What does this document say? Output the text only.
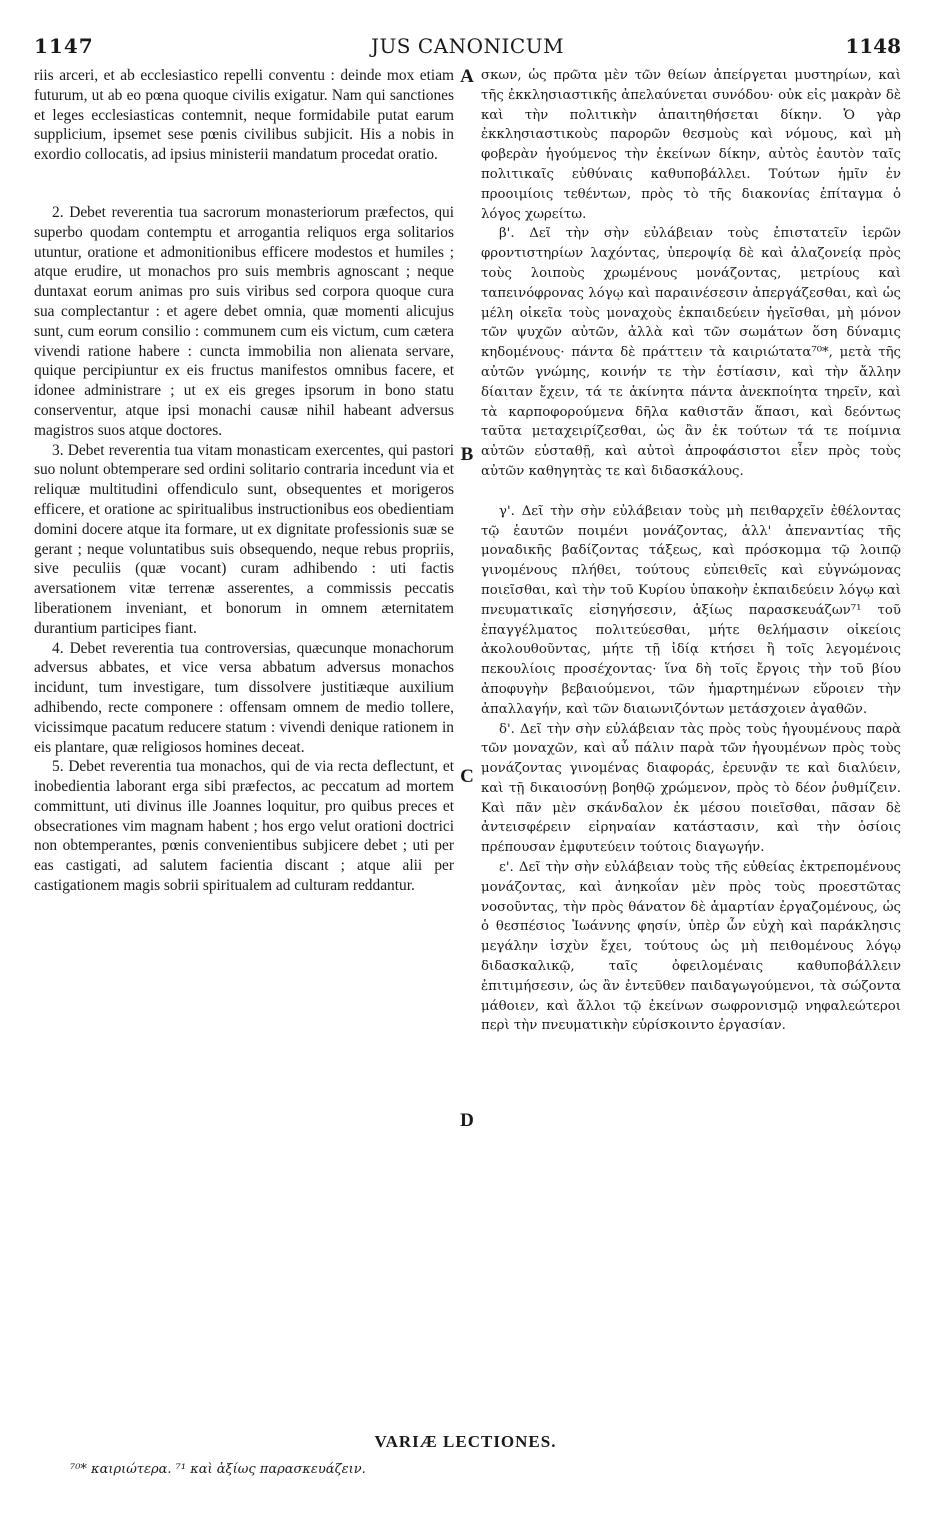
1147	JUS CANONICUM	1148

riis arceri, et ab ecclesiastico repelli conventu : deinde mox etiam futurum, ut ab eo pœna quoque civilis exigatur. Nam qui sanctiones et leges ecclesiasticas contemnit, neque formidabile putat earum supplicium, ipsemet sese pœnis civilibus subjicit. His a nobis in exordio collocatis, ad ipsius ministerii mandatum procedat oratio.

2. Debet reverentia tua sacrorum monasteriorum præfectos, qui superbo quodam contemptu et arrogantia reliquos erga solitarios utuntur, oratione et admonitionibus efficere modestos et humiles ; atque erudire, ut monachos pro suis membris agnoscant ; neque duntaxat eorum animas pro suis viribus sed corpora quoque cura sua complectantur : et agere debet omnia, quæ momenti alicujus sunt, cum eorum consilio : communem cum eis victum, cum cætera vivendi ratione habere : cuncta immobilia non alienata servare, quique percipiuntur ex eis fructus manifestos omnibus facere, et idonee administrare ; ut ex eis greges ipsorum in bono statu conserventur, atque ipsi monachi causæ nihil habeant adversus magistros suos atque doctores.

3. Debet reverentia tua vitam monasticam exercentes, qui pastori suo nolunt obtemperare sed ordini solitario contraria incedunt via et reliquæ multitudini offendiculo sunt, obsequentes et morigeros efficere, et oratione ac spiritualibus instructionibus eos obedientiam domini docere atque ita formare, ut ex dignitate professionis suæ se gerant ; neque voluntatibus suis obsequendo, neque rebus propriis, sive peculiis (quæ vocant) curam adhibendo : uti factis aversationem vitæ terrenæ asserentes, a commissis peccatis liberationem inveniant, et bonorum in omnem æternitatem durantium participes fiant.

4. Debet reverentia tua controversias, quæcunque monachorum adversus abbates, et vice versa abbatum adversus monachos incidunt, tum investigare, tum dissolvere justitiæque auxilium adhibendo, recte componere : offensam omnem de medio tollere, vicissimque pacatum reducere statum : vivendi denique rationem in eis plantare, quæ religiosos homines deceat.

5. Debet reverentia tua monachos, qui de via recta deflectunt, et inobedientia laborant erga sibi præfectos, ac peccatum ad mortem committunt, uti divinus ille Joannes loquitur, pro quibus preces et obsecrationes vim magnam habent ; hos ergo velut orationi doctrici non obtemperantes, pœnis convenientibus subjicere debet ; uti per eas castigati, ad salutem facientia discant ; atque alii per castigationem magis sobrii spiritualem ad culturam reddantur.

A
B
C
D

σκων, ὡς πρῶτα μὲν τῶν θείων ἀπείργεται μυστηρίων, καὶ τῆς ἐκκλησιαστικῆς ἀπελαύνεται συνόδου· οὐκ εἰς μακρὰν δὲ καὶ τὴν πολιτικὴν ἀπαιτηθήσεται δίκην. Ὁ γὰρ ἐκκλησιαστικοὺς παρορῶν θεσμοὺς καὶ νόμους, καὶ μὴ φοβερὰν ἡγούμενος τὴν ἐκείνων δίκην, αὐτὸς ἑαυτὸν ταῖς πολιτικαῖς εὐθύναις καθυποβάλλει. Τούτων ἡμῖν ἐν προοιμίοις τεθέντων, πρὸς τὸ τῆς διακονίας ἐπίταγμα ὁ λόγος χωρείτω.

β'. Δεῖ τὴν σὴν εὐλάβειαν τοὺς ἐπιστατεῖν ἱερῶν φροντιστηρίων λαχόντας, ὑπεροψίᾳ δὲ καὶ ἀλαζονείᾳ πρὸς τοὺς λοιποὺς χρωμένους μονάζοντας, μετρίους καὶ ταπεινόφρονας λόγῳ καὶ παραινέσεσιν ἀπεργάζεσθαι, καὶ ὡς μέλη οἰκεῖα τοὺς μοναχοὺς ἐκπαιδεύειν ἡγεῖσθαι, μὴ μόνον τῶν ψυχῶν αὐτῶν, ἀλλὰ καὶ τῶν σωμάτων ὅση δύναμις κηδομένους· πάντα δὲ πράττειν τὰ καιριώτατα⁷⁰*, μετὰ τῆς αὐτῶν γνώμης, κοινήν τε τὴν ἑστίασιν, καὶ τὴν ἄλλην δίαιταν ἔχειν, τά τε ἀκίνητα πάντα ἀνεκποίητα τηρεῖν, καὶ τὰ καρποφορούμενα δῆλα καθιστᾶν ἅπασι, καὶ δεόντως ταῦτα μεταχειρίζεσθαι, ὡς ἂν ἐκ τούτων τά τε ποίμνια αὐτῶν εὐσταθῇ, καὶ αὐτοὶ ἀπροφάσιστοι εἶεν πρὸς τοὺς αὐτῶν καθηγητὰς τε καὶ διδασκάλους.

γ'. Δεῖ τὴν σὴν εὐλάβειαν τοὺς μὴ πειθαρχεῖν ἐθέλοντας τῷ ἑαυτῶν ποιμένι μονάζοντας, ἀλλ' ἀπεναντίας τῆς μοναδικῆς βαδίζοντας τάξεως, καὶ πρόσκομμα τῷ λοιπῷ γινομένους πλήθει, τούτους εὐπειθεῖς καὶ εὐγνώμονας ποιεῖσθαι, καὶ τὴν τοῦ Κυρίου ὑπακοὴν ἐκπαιδεύειν λόγῳ καὶ πνευματικαῖς εἰσηγήσεσιν, ἀξίως παρασκευάζων⁷¹ τοῦ ἐπαγγέλματος πολιτεύεσθαι, μήτε θελήμασιν οἰκείοις ἀκολουθοῦντας, μήτε τῇ ἰδίᾳ κτήσει ἢ τοῖς λεγομένοις πεκουλίοις προσέχοντας· ἵνα δὴ τοῖς ἔργοις τὴν τοῦ βίου ἀποφυγὴν βεβαιούμενοι, τῶν ἡμαρτημένων εὕροιεν τὴν ἀπαλλαγήν, καὶ τῶν διαιωνιζόντων μετάσχοιεν ἀγαθῶν.

δ'. Δεῖ τὴν σὴν εὐλάβειαν τὰς πρὸς τοὺς ἡγουμένους παρὰ τῶν μοναχῶν, καὶ αὖ πάλιν παρὰ τῶν ἡγουμένων πρὸς τοὺς μονάζοντας γινομένας διαφοράς, ἐρευνᾷν τε καὶ διαλύειν, καὶ τῇ δικαιοσύνῃ βοηθῷ χρώμενον, πρὸς τὸ δέον ῥυθμίζειν. Καὶ πᾶν μὲν σκάνδαλον ἐκ μέσου ποιεῖσθαι, πᾶσαν δὲ ἀντεισφέρειν εἰρηναίαν κατάστασιν, καὶ τὴν ὁσίοις πρέπουσαν ἐμφυτεύειν τούτοις διαγωγήν.

ε'. Δεῖ τὴν σὴν εὐλάβειαν τοὺς τῆς εὐθείας ἐκτρεπομένους μονάζοντας, καὶ ἀνηκοΐαν μὲν πρὸς τοὺς προεστῶτας νοσοῦντας, τὴν πρὸς θάνατον δὲ ἁμαρτίαν ἐργαζομένους, ὡς ὁ θεσπέσιος Ἰωάννης φησίν, ὑπὲρ ὧν εὐχὴ καὶ παράκλησις μεγάλην ἰσχὺν ἔχει, τούτους ὡς μὴ πειθομένους λόγῳ διδασκαλικῷ, ταῖς ὀφειλομέναις καθυποβάλλειν ἐπιτιμήσεσιν, ὡς ἂν ἐντεῦθεν παιδαγωγούμενοι, τὰ σώζοντα μάθοιεν, καὶ ἄλλοι τῷ ἐκείνων σωφρονισμῷ νηφαλεώτεροι περὶ τὴν πνευματικὴν εὑρίσκοιντο ἐργασίαν.

VARIÆ LECTIONES.
⁷⁰* καιριώτερα. ⁷¹ καὶ ἀξίως παρασκευάζειν.
